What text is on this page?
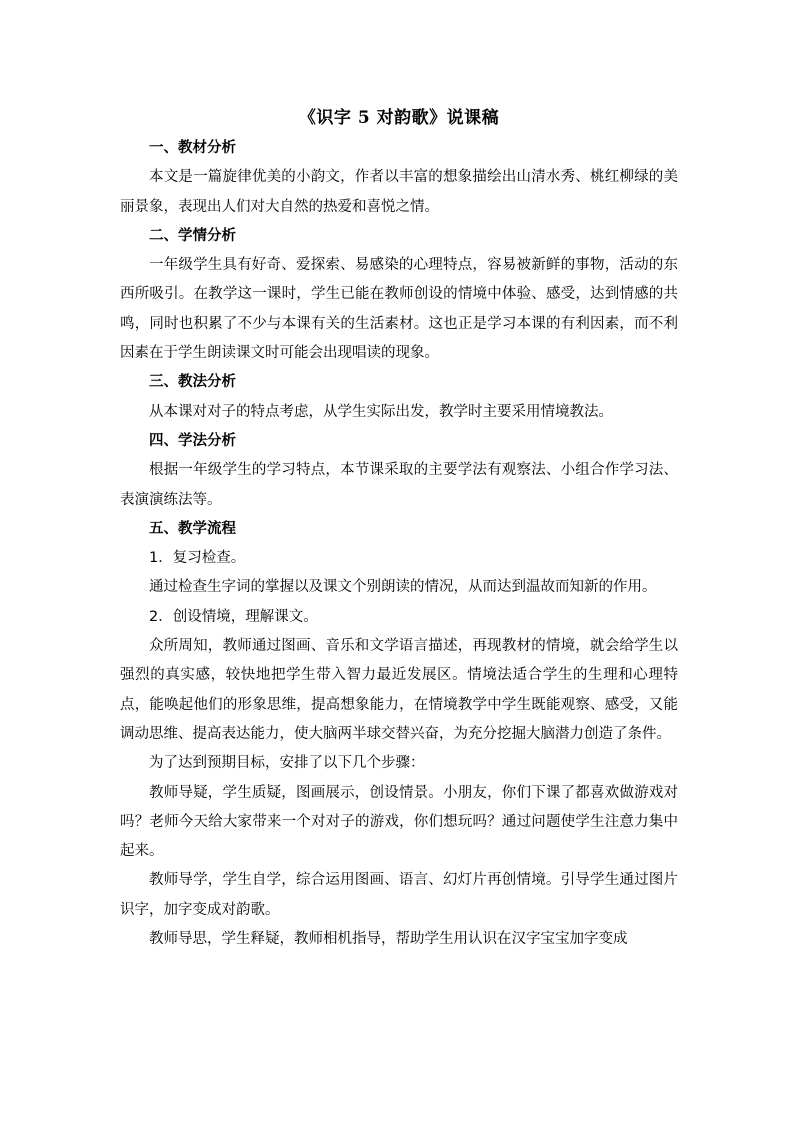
《识字 5 对韵歌》说课稿
一、教材分析

本文是一篇旋律优美的小韵文，作者以丰富的想象描绘出山清水秀、桃红柳绿的美丽景象，表现出人们对大自然的热爱和喜悦之情。

二、学情分析

一年级学生具有好奇、爱探索、易感染的心理特点，容易被新鲜的事物，活动的东西所吸引。在教学这一课时，学生已能在教师创设的情境中体验、感受，达到情感的共鸣，同时也积累了不少与本课有关的生活素材。这也正是学习本课的有利因素，而不利因素在于学生朗读课文时可能会出现唱读的现象。

三、教法分析

从本课对对子的特点考虑，从学生实际出发，教学时主要采用情境教法。

四、学法分析

根据一年级学生的学习特点，本节课采取的主要学法有观察法、小组合作学习法、表演演练法等。

五、教学流程

1．复习检查。

通过检查生字词的掌握以及课文个别朗读的情况，从而达到温故而知新的作用。

2．创设情境，理解课文。

众所周知，教师通过图画、音乐和文学语言描述，再现教材的情境，就会给学生以强烈的真实感，较快地把学生带入智力最近发展区。情境法适合学生的生理和心理特点，能唤起他们的形象思维，提高想象能力，在情境教学中学生既能观察、感受，又能调动思维、提高表达能力，使大脑两半球交替兴奋，为充分挖掘大脑潜力创造了条件。

为了达到预期目标，安排了以下几个步骤：

教师导疑，学生质疑，图画展示，创设情景。小朋友，你们下课了都喜欢做游戏对吗？老师今天给大家带来一个对对子的游戏，你们想玩吗？通过问题使学生注意力集中起来。

教师导学，学生自学，综合运用图画、语言、幻灯片再创情境。引导学生通过图片识字，加字变成对韵歌。

教师导思，学生释疑，教师相机指导，帮助学生用认识在汉字宝宝加字变成
